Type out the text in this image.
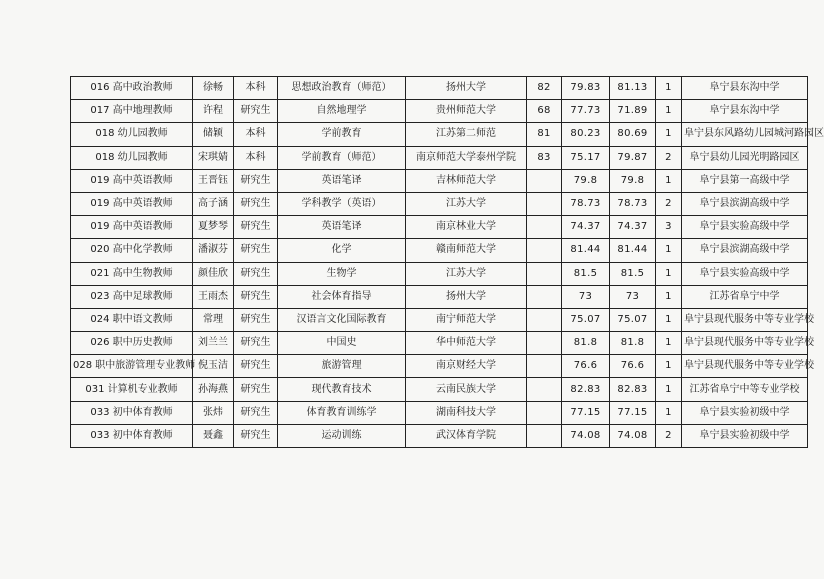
016 高中政治教师	徐畅	本科	思想政治教育（师范）	扬州大学	82	79.83	81.13	1	阜宁县东沟中学
017 高中地理教师	许程	研究生	自然地理学	贵州师范大学	68	77.73	71.89	1	阜宁县东沟中学
018 幼儿园教师	储颖	本科	学前教育	江苏第二师范	81	80.23	80.69	1	阜宁县东风路幼儿园城河路园区
018 幼儿园教师	宋琪婧	本科	学前教育（师范）	南京师范大学泰州学院	83	75.17	79.87	2	阜宁县幼儿园光明路园区
019 高中英语教师	王晋钰	研究生	英语笔译	吉林师范大学		79.8	79.8	1	阜宁县第一高级中学
019 高中英语教师	高子涵	研究生	学科教学（英语）	江苏大学		78.73	78.73	2	阜宁县滨湖高级中学
019 高中英语教师	夏梦琴	研究生	英语笔译	南京林业大学		74.37	74.37	3	阜宁县实验高级中学
020 高中化学教师	潘淑芬	研究生	化学	赣南师范大学		81.44	81.44	1	阜宁县滨湖高级中学
021 高中生物教师	颜佳欣	研究生	生物学	江苏大学		81.5	81.5	1	阜宁县实验高级中学
023 高中足球教师	王雨杰	研究生	社会体育指导	扬州大学		73	73	1	江苏省阜宁中学
024 职中语文教师	常理	研究生	汉语言文化国际教育	南宁师范大学		75.07	75.07	1	阜宁县现代服务中等专业学校
026 职中历史教师	刘兰兰	研究生	中国史	华中师范大学		81.8	81.8	1	阜宁县现代服务中等专业学校
028 职中旅游管理专业教师	倪玉洁	研究生	旅游管理	南京财经大学		76.6	76.6	1	阜宁县现代服务中等专业学校
031 计算机专业教师	孙海燕	研究生	现代教育技术	云南民族大学		82.83	82.83	1	江苏省阜宁中等专业学校
033 初中体育教师	张炜	研究生	体育教育训练学	湖南科技大学		77.15	77.15	1	阜宁县实验初级中学
033 初中体育教师	聂鑫	研究生	运动训练	武汉体育学院		74.08	74.08	2	阜宁县实验初级中学
